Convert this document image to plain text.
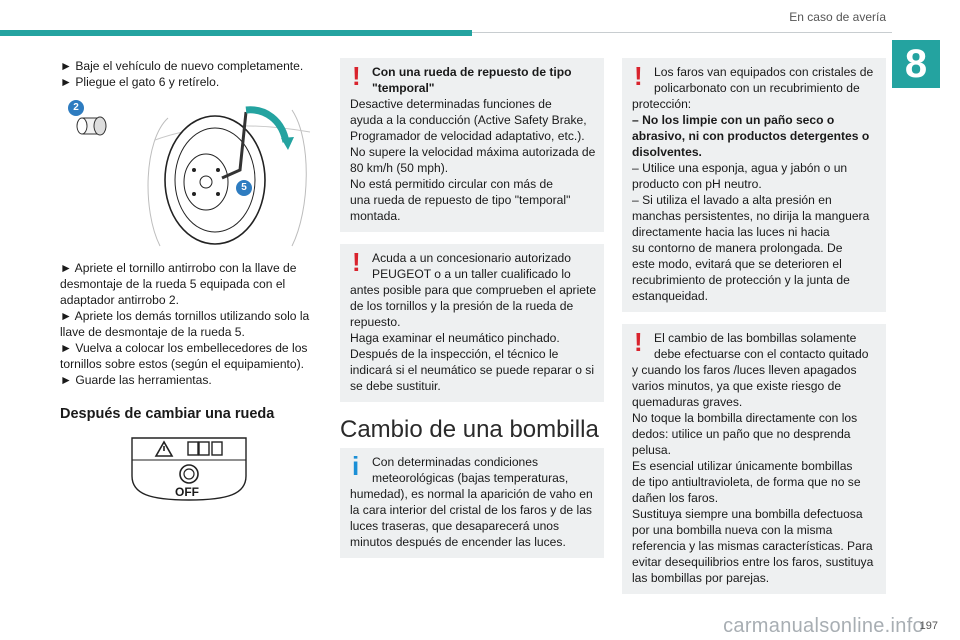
En caso de avería
8
► Baje el vehículo de nuevo completamente.
► Pliegue el gato 6 y retírelo.
2
5
► Apriete el tornillo antirrobo con la llave de
desmontaje de la rueda 5 equipada con el
adaptador antirrobo 2.
► Apriete los demás tornillos utilizando solo la
llave de desmontaje de la rueda 5.
► Vuelva a colocar los embellecedores de los
tornillos sobre estos (según el equipamiento).
► Guarde las herramientas.
Después de cambiar una rueda
OFF
! Con una rueda de repuesto de tipo
"temporal"
Desactive determinadas funciones de
ayuda a la conducción (Active Safety Brake,
Programador de velocidad adaptativo, etc.).
No supere la velocidad máxima autorizada de
80 km/h (50 mph).
No está permitido circular con más de
una rueda de repuesto de tipo "temporal"
montada.
! Acuda a un concesionario autorizado
PEUGEOT o a un taller cualificado lo
antes posible para que comprueben el apriete
de los tornillos y la presión de la rueda de
repuesto.
Haga examinar el neumático pinchado.
Después de la inspección, el técnico le
indicará si el neumático se puede reparar o si
se debe sustituir.
Cambio de una bombilla
i	Con determinadas condiciones
meteorológicas (bajas temperaturas,
humedad), es normal la aparición de vaho en
la cara interior del cristal de los faros y de las
luces traseras, que desaparecerá unos
minutos después de encender las luces.
! Los faros van equipados con cristales de
policarbonato con un recubrimiento de
protección:
– No los limpie con un paño seco o
abrasivo, ni con productos detergentes o
disolventes.
– Utilice una esponja, agua y jabón o un
producto con pH neutro.
– Si utiliza el lavado a alta presión en
manchas persistentes, no dirija la manguera
directamente hacia las luces ni hacia
su contorno de manera prolongada. De
este modo, evitará que se deterioren el
recubrimiento de protección y la junta de
estanqueidad.
! El cambio de las bombillas solamente
debe efectuarse con el contacto quitado
y cuando los faros /luces lleven apagados
varios minutos, ya que existe riesgo de
quemaduras graves.
No toque la bombilla directamente con los
dedos: utilice un paño que no desprenda
pelusa.
Es esencial utilizar únicamente bombillas
de tipo antiultravioleta, de forma que no se
dañen los faros.
Sustituya siempre una bombilla defectuosa
por una bombilla nueva con la misma
referencia y las mismas características. Para
evitar desequilibrios entre los faros, sustituya
las bombillas por parejas.
carmanualsonline.info
197
